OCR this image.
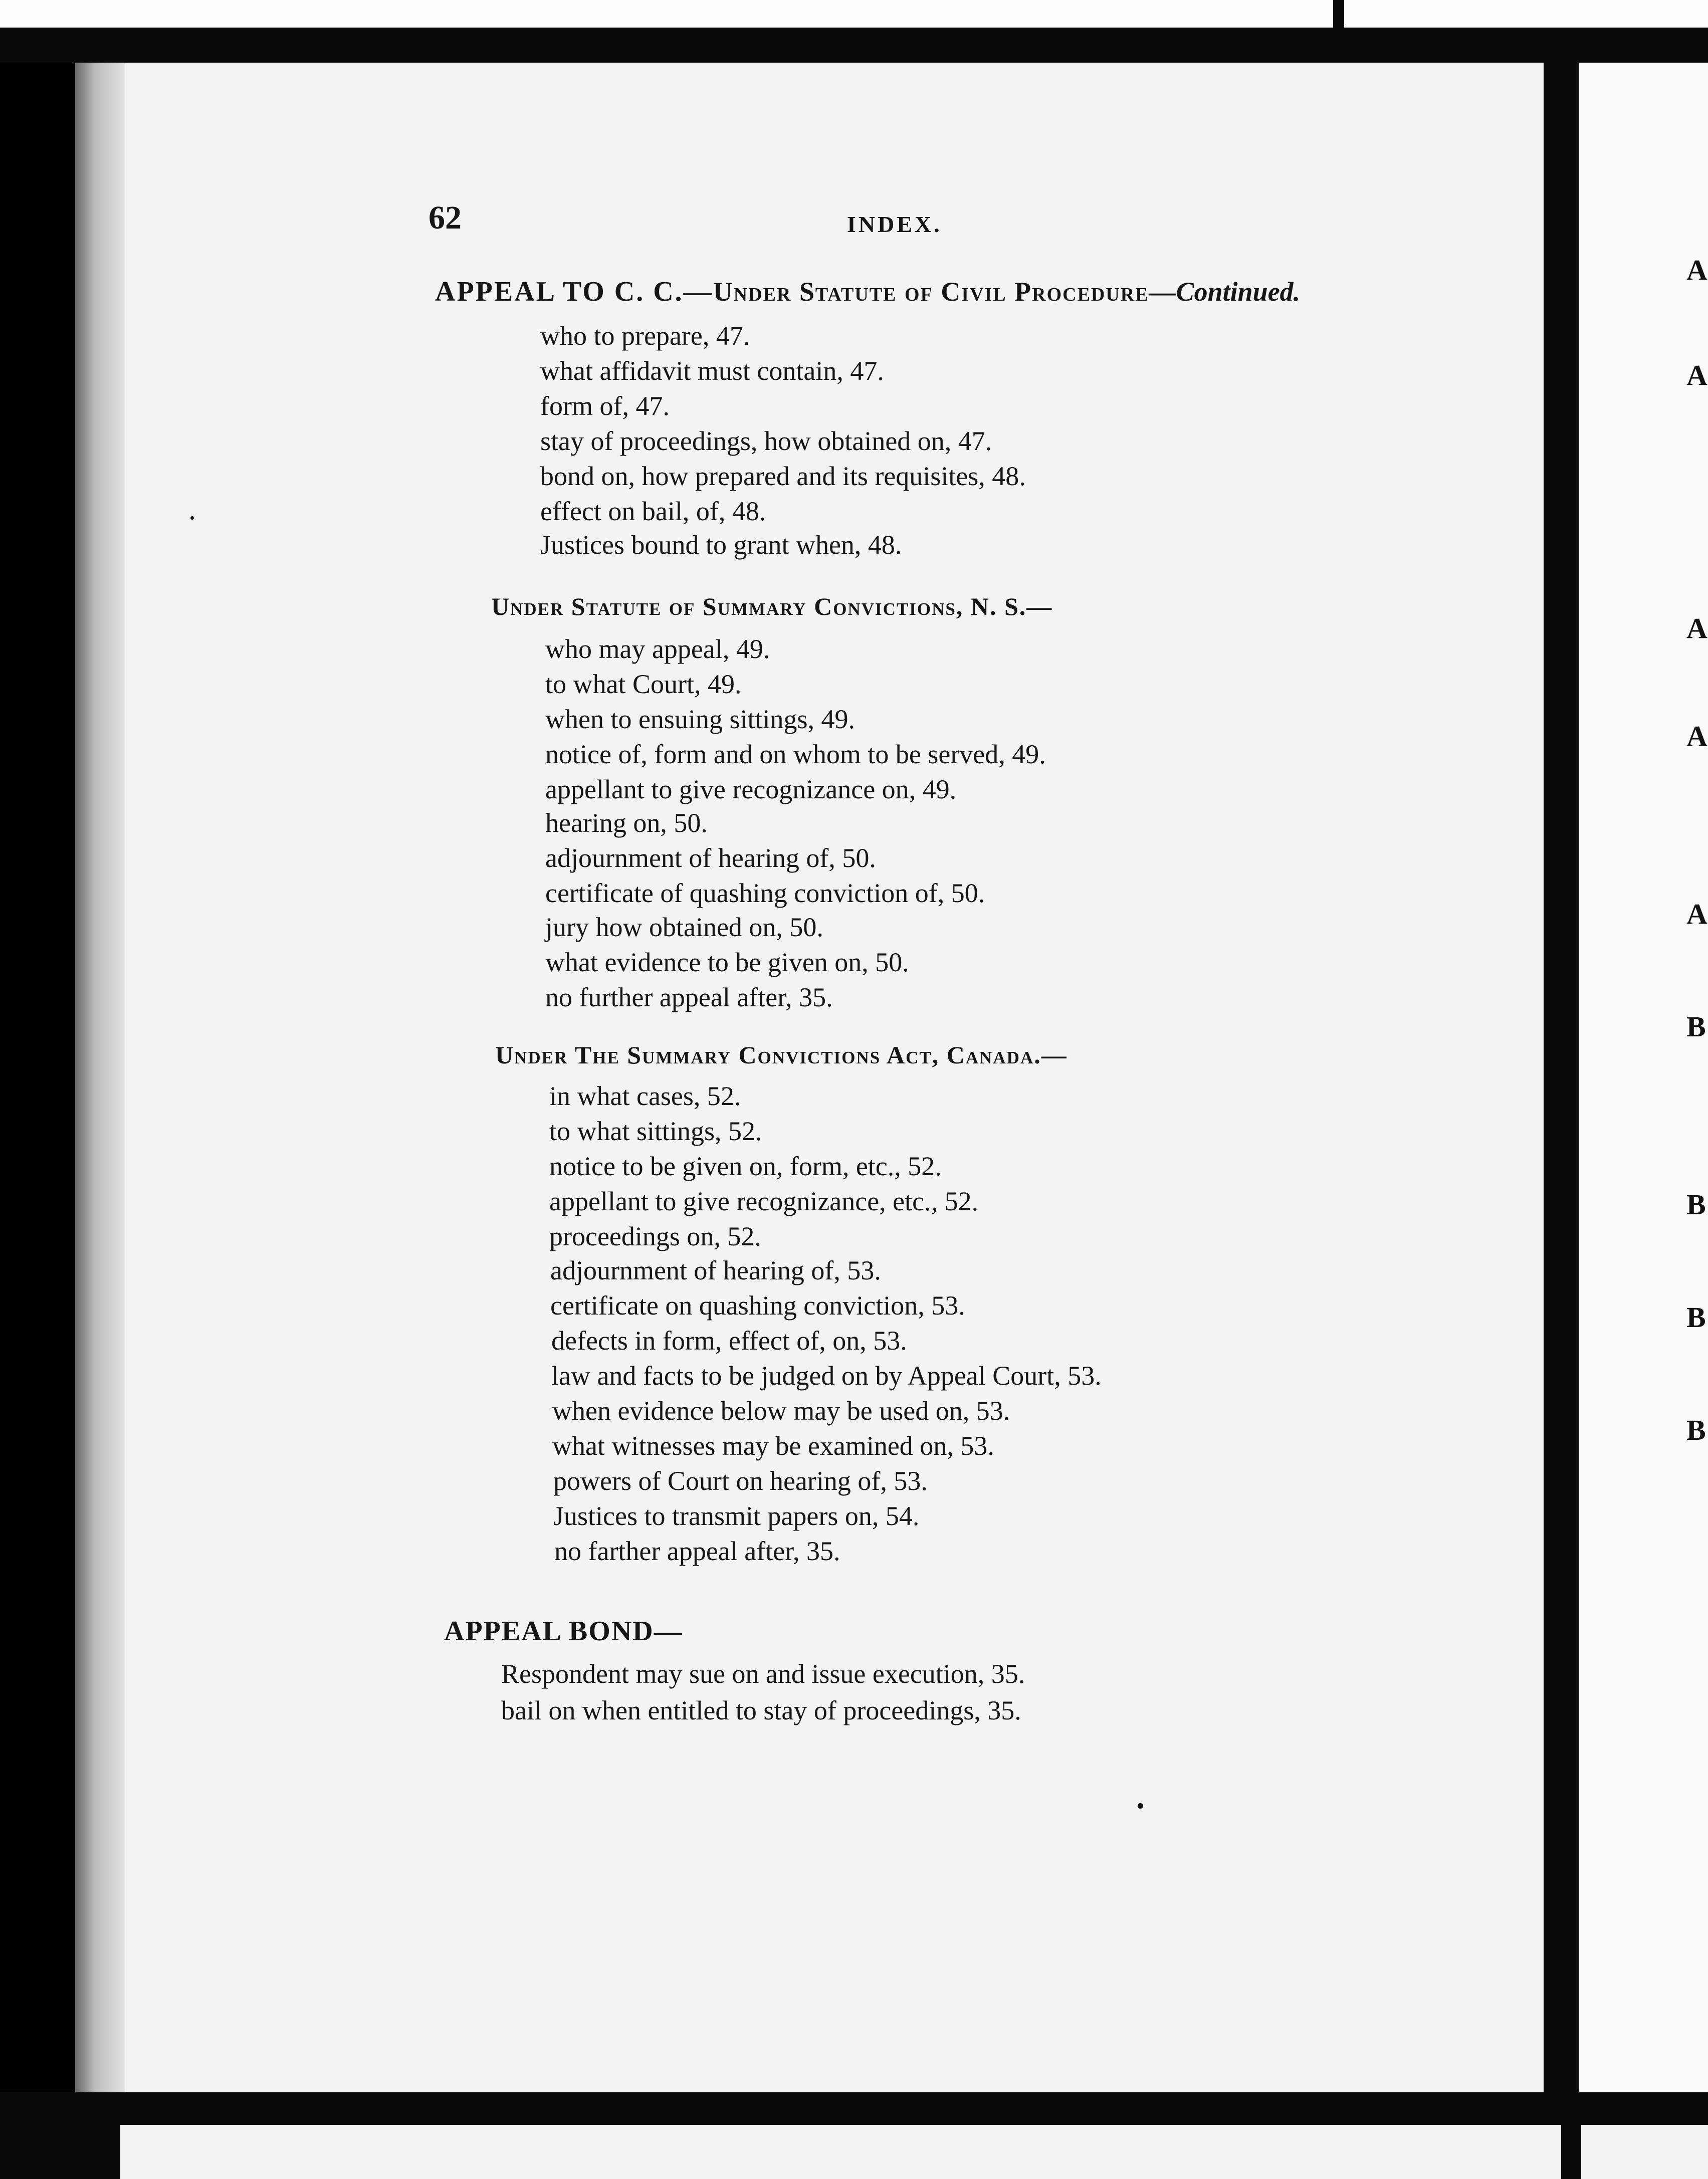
A
A
A
A
A
B
B
B
B
62	INDEX.
APPEAL TO C. C.—Under Statute of Civil Procedure—Continued.
who to prepare, 47.
what affidavit must contain, 47.
form of, 47.
stay of proceedings, how obtained on, 47.
bond on, how prepared and its requisites, 48.
effect on bail, of, 48.
Justices bound to grant when, 48.
Under Statute of Summary Convictions, N. S.—
who may appeal, 49.
to what Court, 49.
when to ensuing sittings, 49.
notice of, form and on whom to be served, 49.
appellant to give recognizance on, 49.
hearing on, 50.
adjournment of hearing of, 50.
certificate of quashing conviction of, 50.
jury how obtained on, 50.
what evidence to be given on, 50.
no further appeal after, 35.
Under The Summary Convictions Act, Canada.—
in what cases, 52.
to what sittings, 52.
notice to be given on, form, etc., 52.
appellant to give recognizance, etc., 52.
proceedings on, 52.
adjournment of hearing of, 53.
certificate on quashing conviction, 53.
defects in form, effect of, on, 53.
law and facts to be judged on by Appeal Court, 53.
when evidence below may be used on, 53.
what witnesses may be examined on, 53.
powers of Court on hearing of, 53.
Justices to transmit papers on, 54.
no farther appeal after, 35.
APPEAL BOND—
Respondent may sue on and issue execution, 35.
bail on when entitled to stay of proceedings, 35.
